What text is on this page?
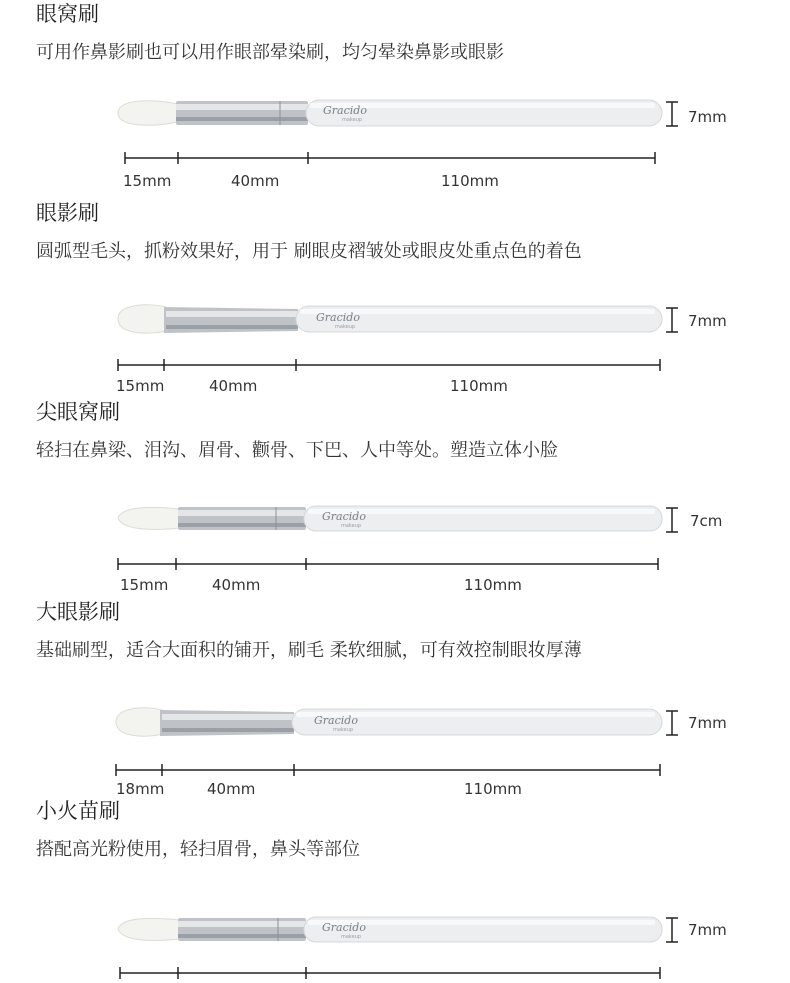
眼窝刷
可用作鼻影刷也可以用作眼部晕染刷，均匀晕染鼻影或眼影
Gracido
makeup	7mm
15mm	40mm	110mm
眼影刷
圆弧型毛头，抓粉效果好，用于 刷眼皮褶皱处或眼皮处重点色的着色
Gracido
makeup	7mm
15mm	40mm	110mm
尖眼窝刷
轻扫在鼻梁、泪沟、眉骨、颧骨、下巴、人中等处。塑造立体小脸
Gracido
makeup	7cm
15mm	40mm	110mm
大眼影刷
基础刷型，适合大面积的铺开，刷毛 柔软细腻，可有效控制眼妆厚薄
Gracido
makeup	7mm
18mm	40mm	110mm
小火苗刷
搭配高光粉使用，轻扫眉骨，鼻头等部位
Gracido
makeup	7mm
